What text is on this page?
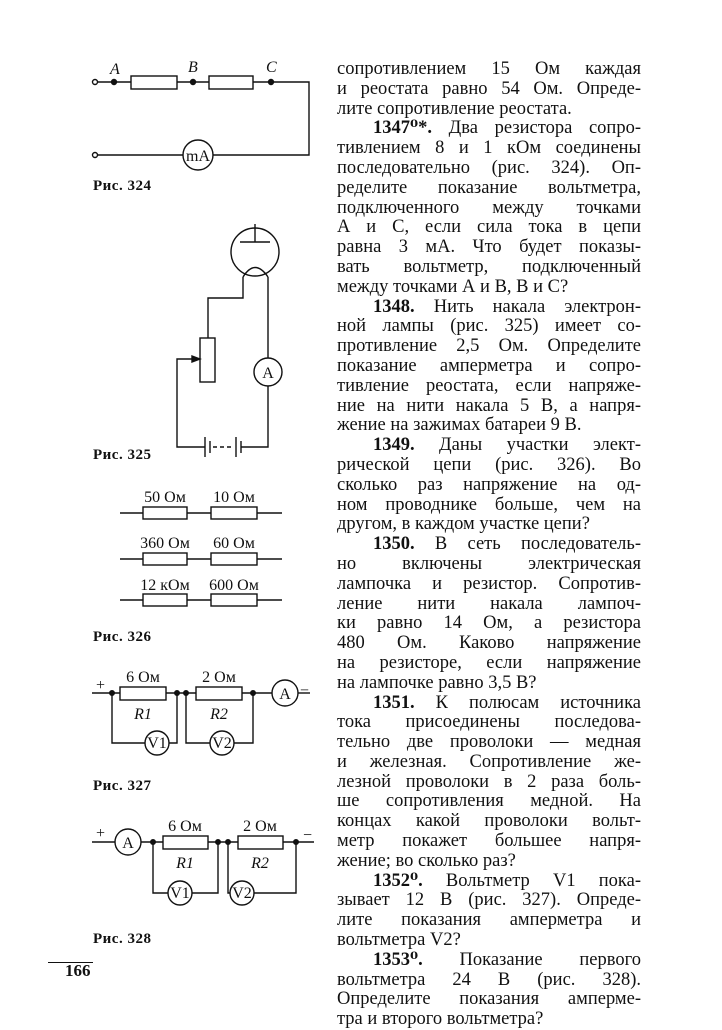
A	B	C
mA
Рис. 324
A
Рис. 325
50 Ом 10 Ом
360 Ом 60 Ом
12 кОм 600 Ом
Рис. 326
+	=
6 Ом	2 Ом
R1	R2
V1	V2
A
Рис. 327
+	−
6 Ом	2 Ом
R1	R2
V1	V2
A
Рис. 328
сопротивлением 15 Ом каждая
и реостата равно 54 Ом. Опреде-
лите сопротивление реостата.
1347⁰*. Два резистора сопро-
тивлением 8 и 1 кОм соединены
последовательно (рис. 324). Оп-
ределите показание вольтметра,
подключенного между точками
А и С, если сила тока в цепи
равна 3 мА. Что будет показы-
вать вольтметр, подключенный
между точками А и В, В и С?
1348. Нить накала электрон-
ной лампы (рис. 325) имеет со-
противление 2,5 Ом. Определите
показание амперметра и сопро-
тивление реостата, если напряже-
ние на нити накала 5 В, а напря-
жение на зажимах батареи 9 В.
1349. Даны участки элект-
рической цепи (рис. 326). Во
сколько раз напряжение на од-
ном проводнике больше, чем на
другом, в каждом участке цепи?
1350. В сеть последователь-
но включены электрическая
лампочка и резистор. Сопротив-
ление нити накала лампоч-
ки равно 14 Ом, а резистора
480 Ом. Каково напряжение
на резисторе, если напряжение
на лампочке равно 3,5 В?
1351. К полюсам источника
тока присоединены последова-
тельно две проволоки — медная
и железная. Сопротивление же-
лезной проволоки в 2 раза боль-
ше сопротивления медной. На
концах какой проволоки вольт-
метр покажет большее напря-
жение; во сколько раз?
1352⁰. Вольтметр V1 пока-
зывает 12 В (рис. 327). Опреде-
лите показания амперметра и
вольтметра V2?
1353⁰. Показание первого
вольтметра 24 В (рис. 328).
Определите показания амперме-
тра и второго вольтметра?
166
